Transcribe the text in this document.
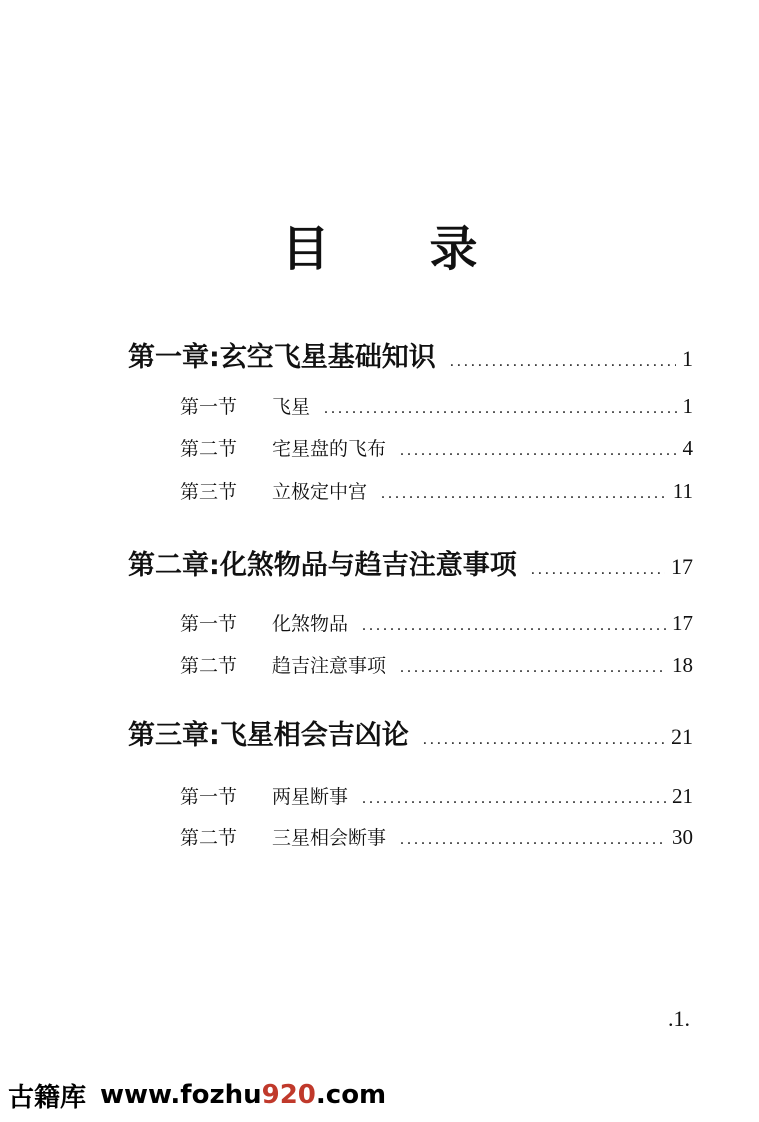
目 录
第一章 : 玄空飞星基础知识 .....	1
第一节	飞星 .....	1
第二节	宅星盘的飞布 .....	4
第三节	立极定中宫 .....	11
第二章 : 化煞物品与趋吉注意事项 .....	17
第一节	化煞物品 .....	17
第二节	趋吉注意事项 .....	18
第三章 : 飞星相会吉凶论 .....	21
第一节	两星断事 .....	21
第二节	三星相会断事 .....	30
.1.
古籍库 www.fozhu920.com
